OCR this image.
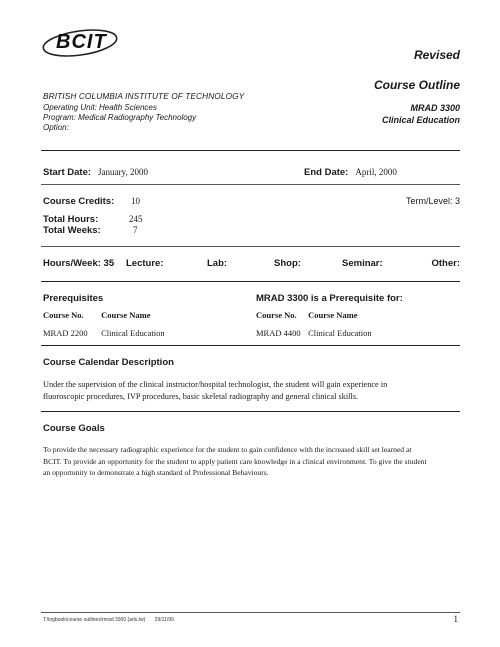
BCIT
Revised
Course Outline
MRAD 3300
Clinical Education
BRITISH COLUMBIA INSTITUTE OF TECHNOLOGY
Operating Unit: Health Sciences
Program: Medical Radiography Technology
Option:
Start Date: January, 2000	End Date: April, 2000
Course Credits: 10	Term/Level: 3
Total Hours:	245
Total Weeks:	7
Hours/Week: 35 Lecture:	Lab:	Shop:	Seminar:	Other:
Prerequisites	MRAD 3300 is a Prerequisite for:
Course No. Course Name
MRAD 2200 Clinical Education
Course No. Course Name
MRAD 4400 Clinical Education
Course Calendar Description
Under the supervision of the clinical instructor/hospital technologist, the student will gain experience in
fluoroscopic procedures, IVP procedures, basic skeletal radiography and general clinical skills.
Course Goals
To provide the necessary radiographic experience for the student to gain confidence with the increased skill set learned at
BCIT. To provide an opportunity for the student to apply patient care knowledge in a clinical environment. To give the student
an opportunity to demonstrate a high standard of Professional Behaviours.
T:\logbook\course outlines\mrad 3300 (arlu.lw) 29/11/99	1
